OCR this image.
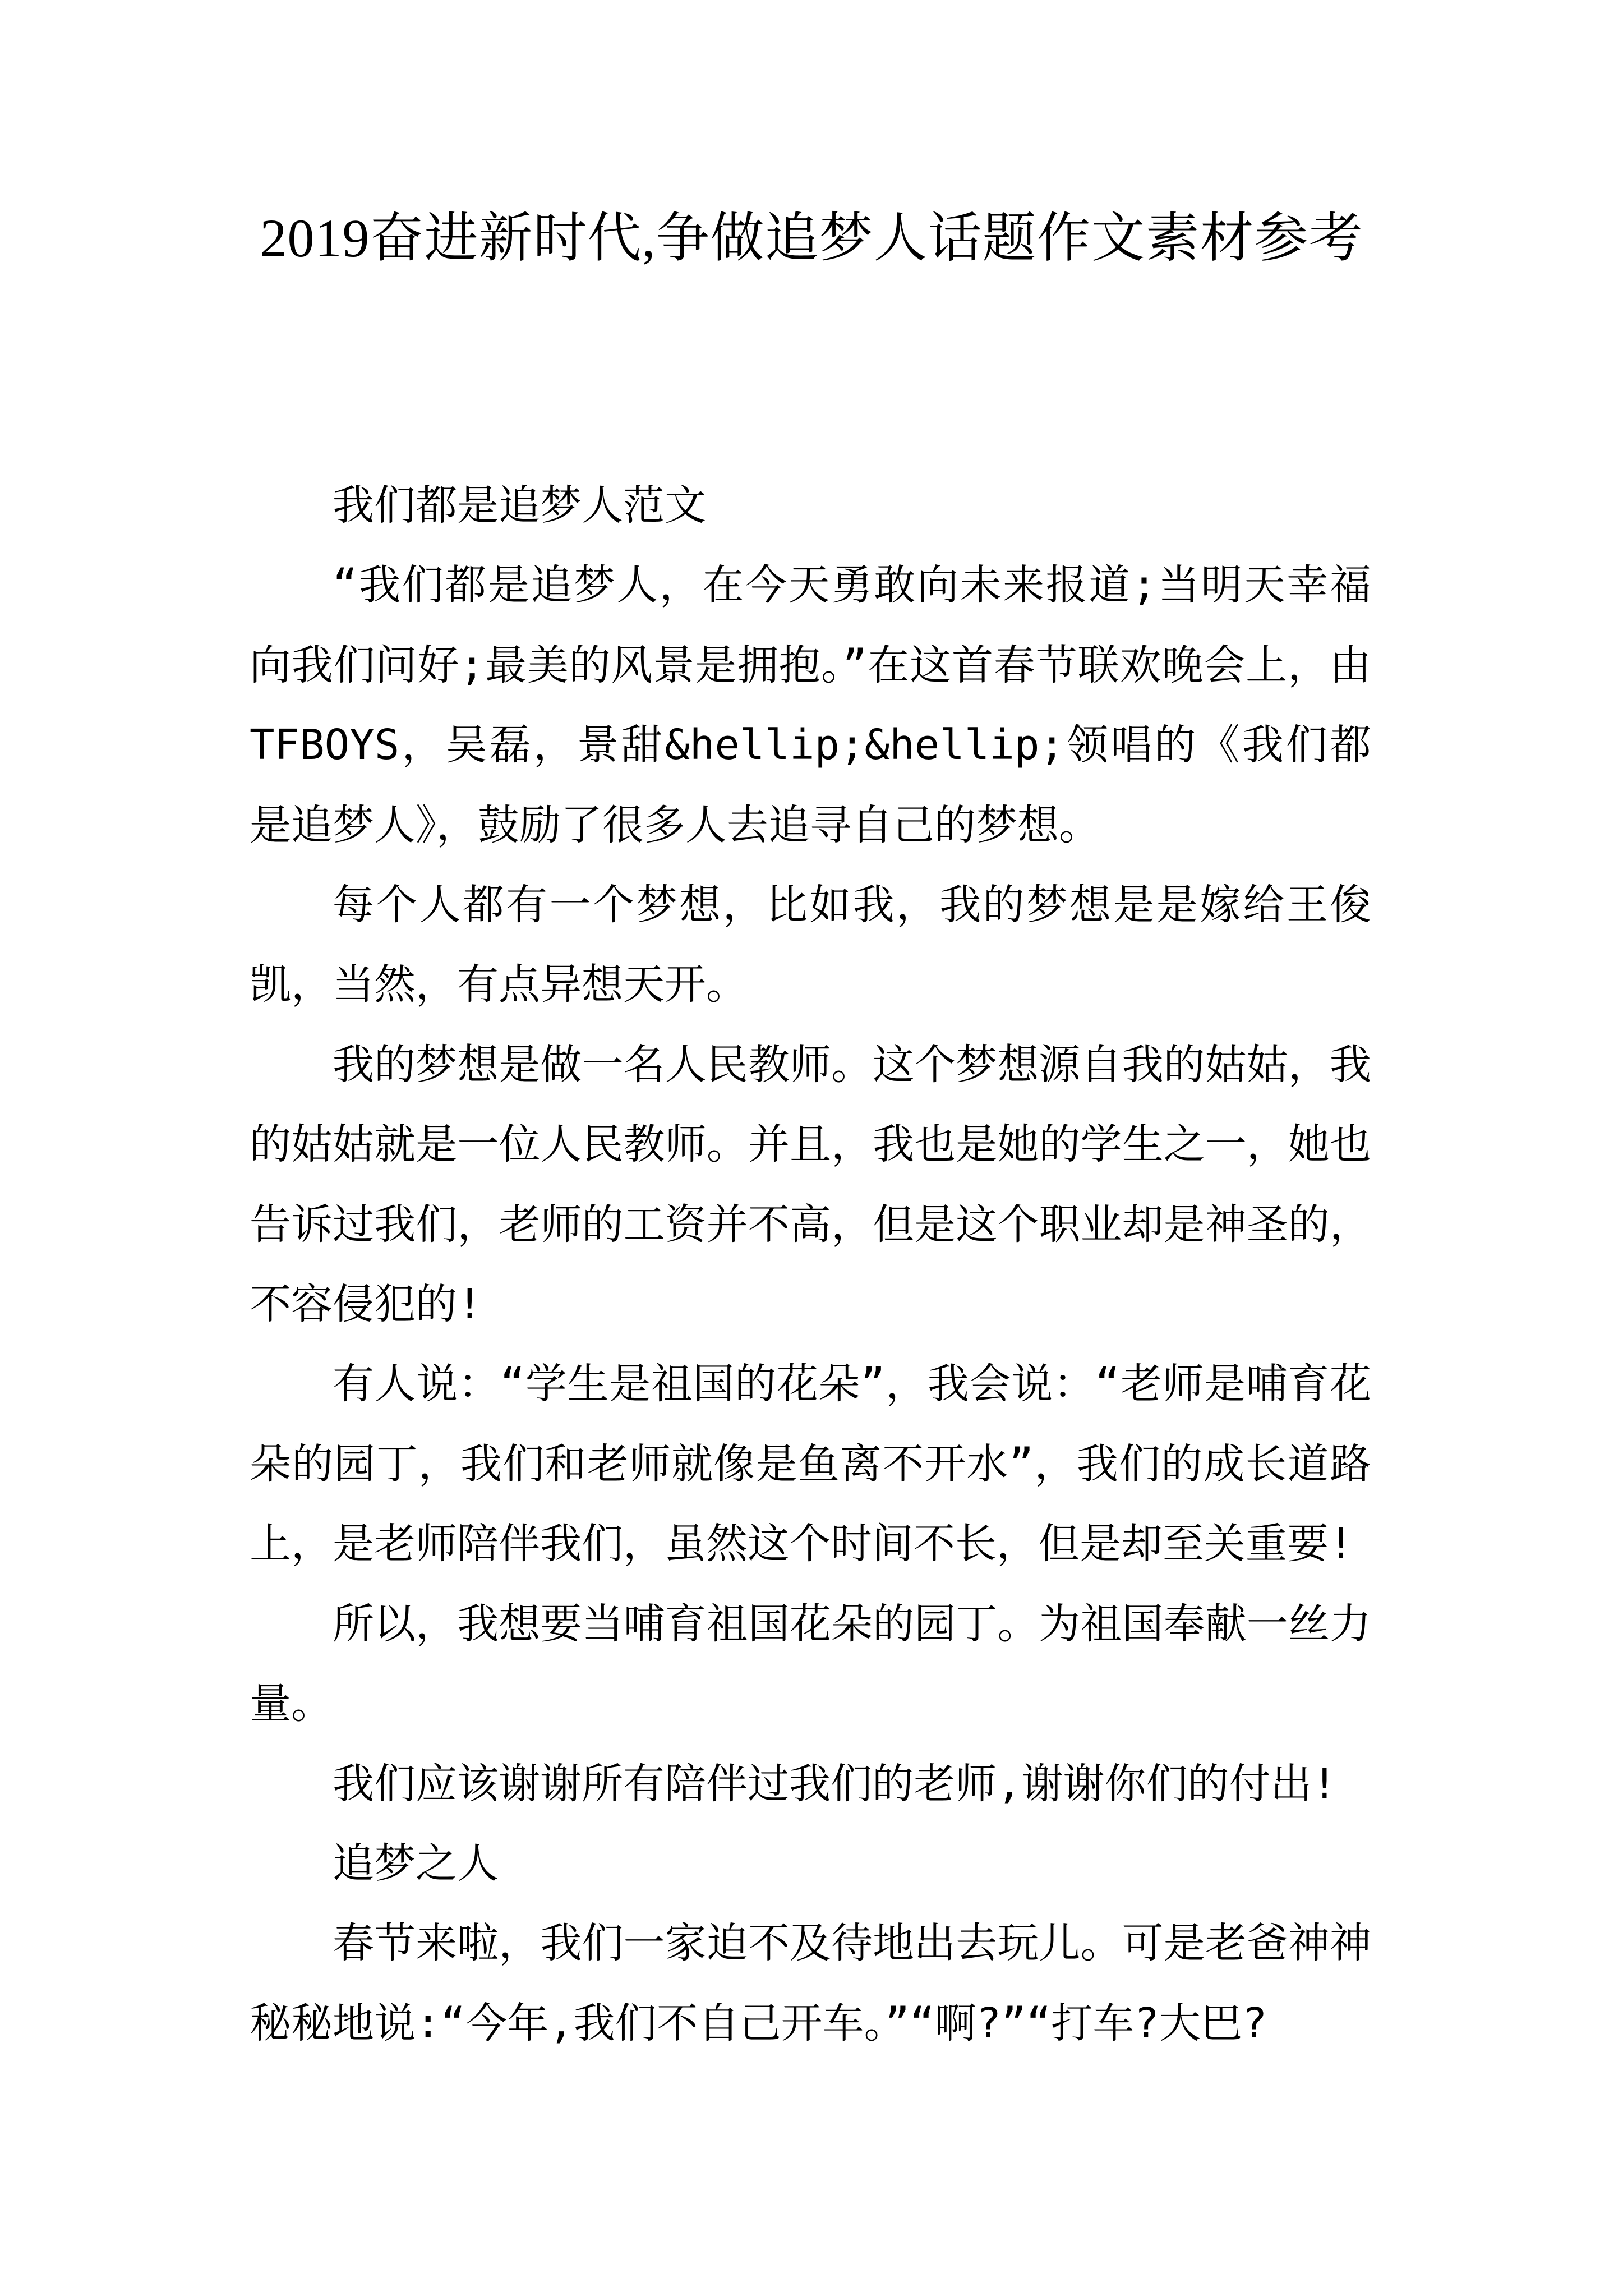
2019奋进新时代,争做追梦人话题作文素材参考

我们都是追梦人范文

“我们都是追梦人，在今天勇敢向未来报道;当明天幸福向我们问好;最美的风景是拥抱。”在这首春节联欢晚会上，由TFBOYS，吴磊，景甜&hellip;&hellip;领唱的《我们都是追梦人》，鼓励了很多人去追寻自己的梦想。

每个人都有一个梦想，比如我，我的梦想是是嫁给王俊凯，当然，有点异想天开。

我的梦想是做一名人民教师。这个梦想源自我的姑姑，我的姑姑就是一位人民教师。并且，我也是她的学生之一，她也告诉过我们，老师的工资并不高，但是这个职业却是神圣的，不容侵犯的!

有人说：“学生是祖国的花朵”，我会说：“老师是哺育花朵的园丁，我们和老师就像是鱼离不开水”，我们的成长道路上，是老师陪伴我们，虽然这个时间不长，但是却至关重要!

所以，我想要当哺育祖国花朵的园丁。为祖国奉献一丝力量。

我们应该谢谢所有陪伴过我们的老师,谢谢你们的付出!

追梦之人

春节来啦，我们一家迫不及待地出去玩儿。可是老爸神神秘秘地说:“今年,我们不自己开车。”“啊?”“打车?大巴?
